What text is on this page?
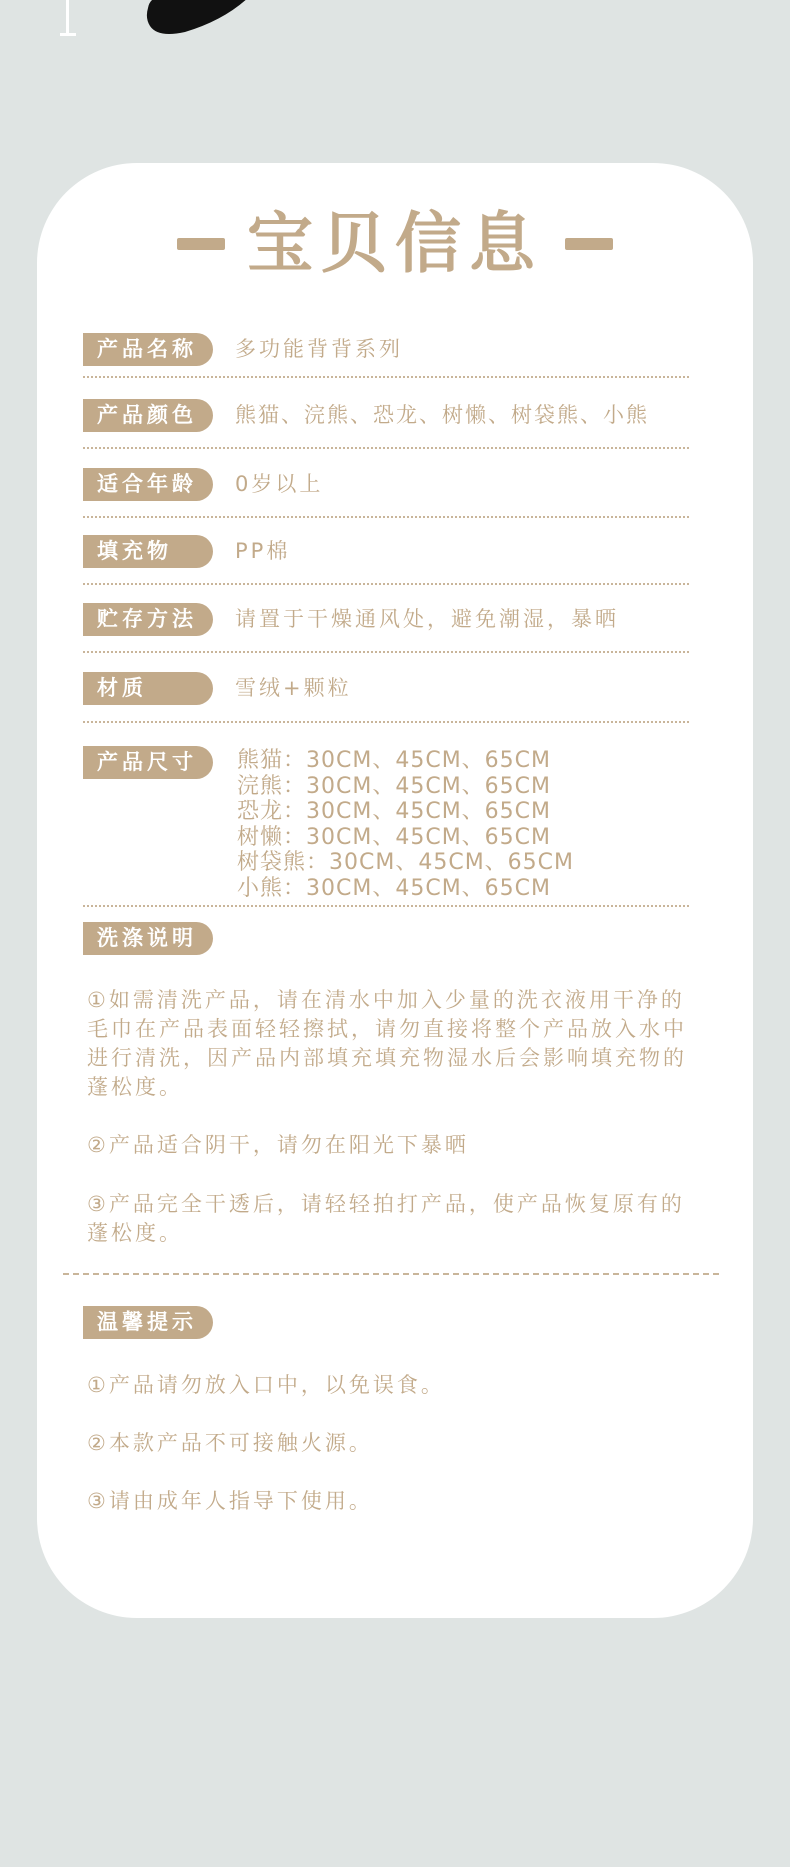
宝贝信息
产品名称	多功能背背系列
产品颜色	熊猫、浣熊、恐龙、树懒、树袋熊、小熊
适合年龄	0岁以上
填充物	PP棉
贮存方法	请置于干燥通风处，避免潮湿，暴晒
材质	雪绒+颗粒
产品尺寸	熊猫：30CM、45CM、65CM
浣熊：30CM、45CM、65CM
恐龙：30CM、45CM、65CM
树懒：30CM、45CM、65CM
树袋熊：30CM、45CM、65CM
小熊：30CM、45CM、65CM
洗涤说明
①如需清洗产品，请在清水中加入少量的洗衣液用干净的毛巾在产品表面轻轻擦拭，请勿直接将整个产品放入水中进行清洗，因产品内部填充填充物湿水后会影响填充物的蓬松度。
②产品适合阴干，请勿在阳光下暴晒
③产品完全干透后，请轻轻拍打产品，使产品恢复原有的蓬松度。
温馨提示
①产品请勿放入口中，以免误食。
②本款产品不可接触火源。
③请由成年人指导下使用。
